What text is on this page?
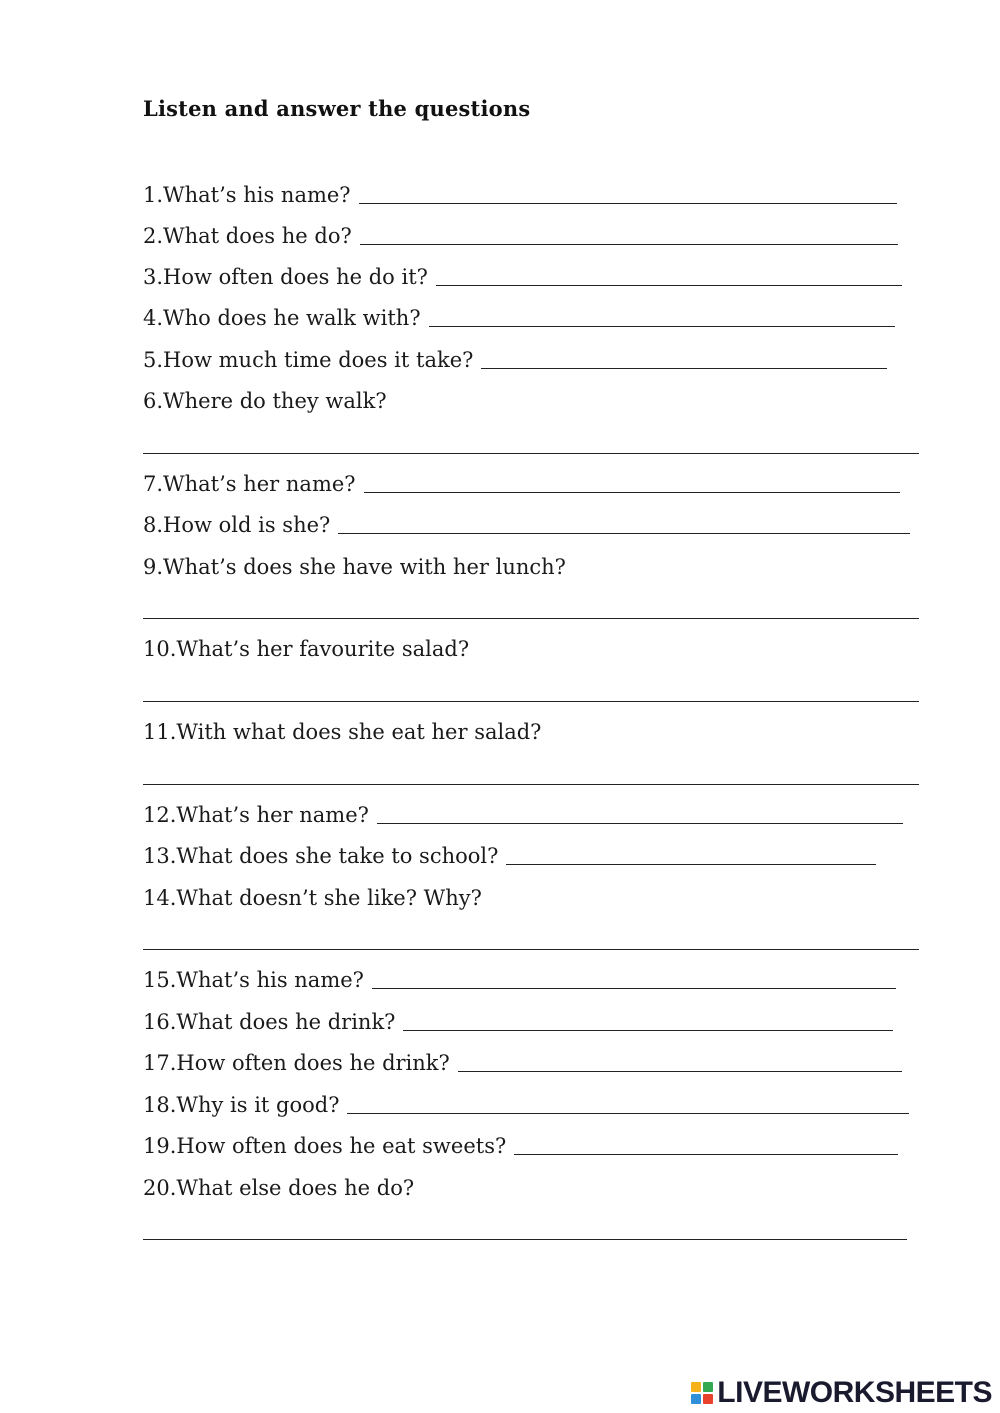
Listen and answer the questions
1.What’s his name?
2.What does he do?
3.How often does he do it?
4.Who does he walk with?
5.How much time does it take?
6.Where do they walk?
7.What’s her name?
8.How old is she?
9.What’s does she have with her lunch?
10.What’s her favourite salad?
11.With what does she eat her salad?
12.What’s her name?
13.What does she take to school?
14.What doesn’t she like? Why?
15.What’s his name?
16.What does he drink?
17.How often does he drink?
18.Why is it good?
19.How often does he eat sweets?
20.What else does he do?
LIVEWORKSHEETS
